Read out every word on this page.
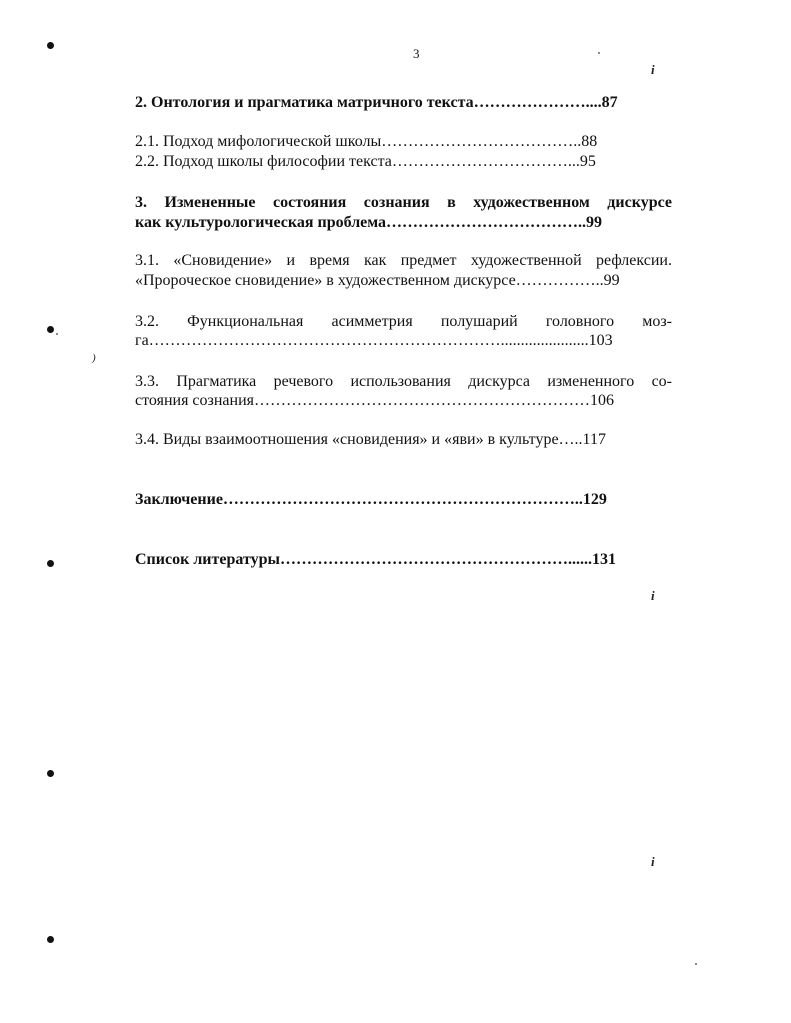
3
2. Онтология и прагматика матричного текста…………………....87
2.1. Подход мифологической школы………………………………..88
2.2. Подход школы философии текста……………………………...95
3. Измененные состояния сознания в художественном дискурсе
как культурологическая проблема………………………………..99
3.1. «Сновидение» и время как предмет художественной рефлексии.
«Пророческое сновидение» в художественном дискурсе……………..99
3.2. Функциональная асимметрия полушарий головного моз-
га…………………………………………………………......................103
3.3. Прагматика речевого использования дискурса измененного со-
стояния сознания………………………………………………………106
3.4. Виды взаимоотношения «сновидения» и «яви» в культуре…..117
Заключение…………………………………………………………..129
Список литературы………………………………………………......131
i
i
i
)
